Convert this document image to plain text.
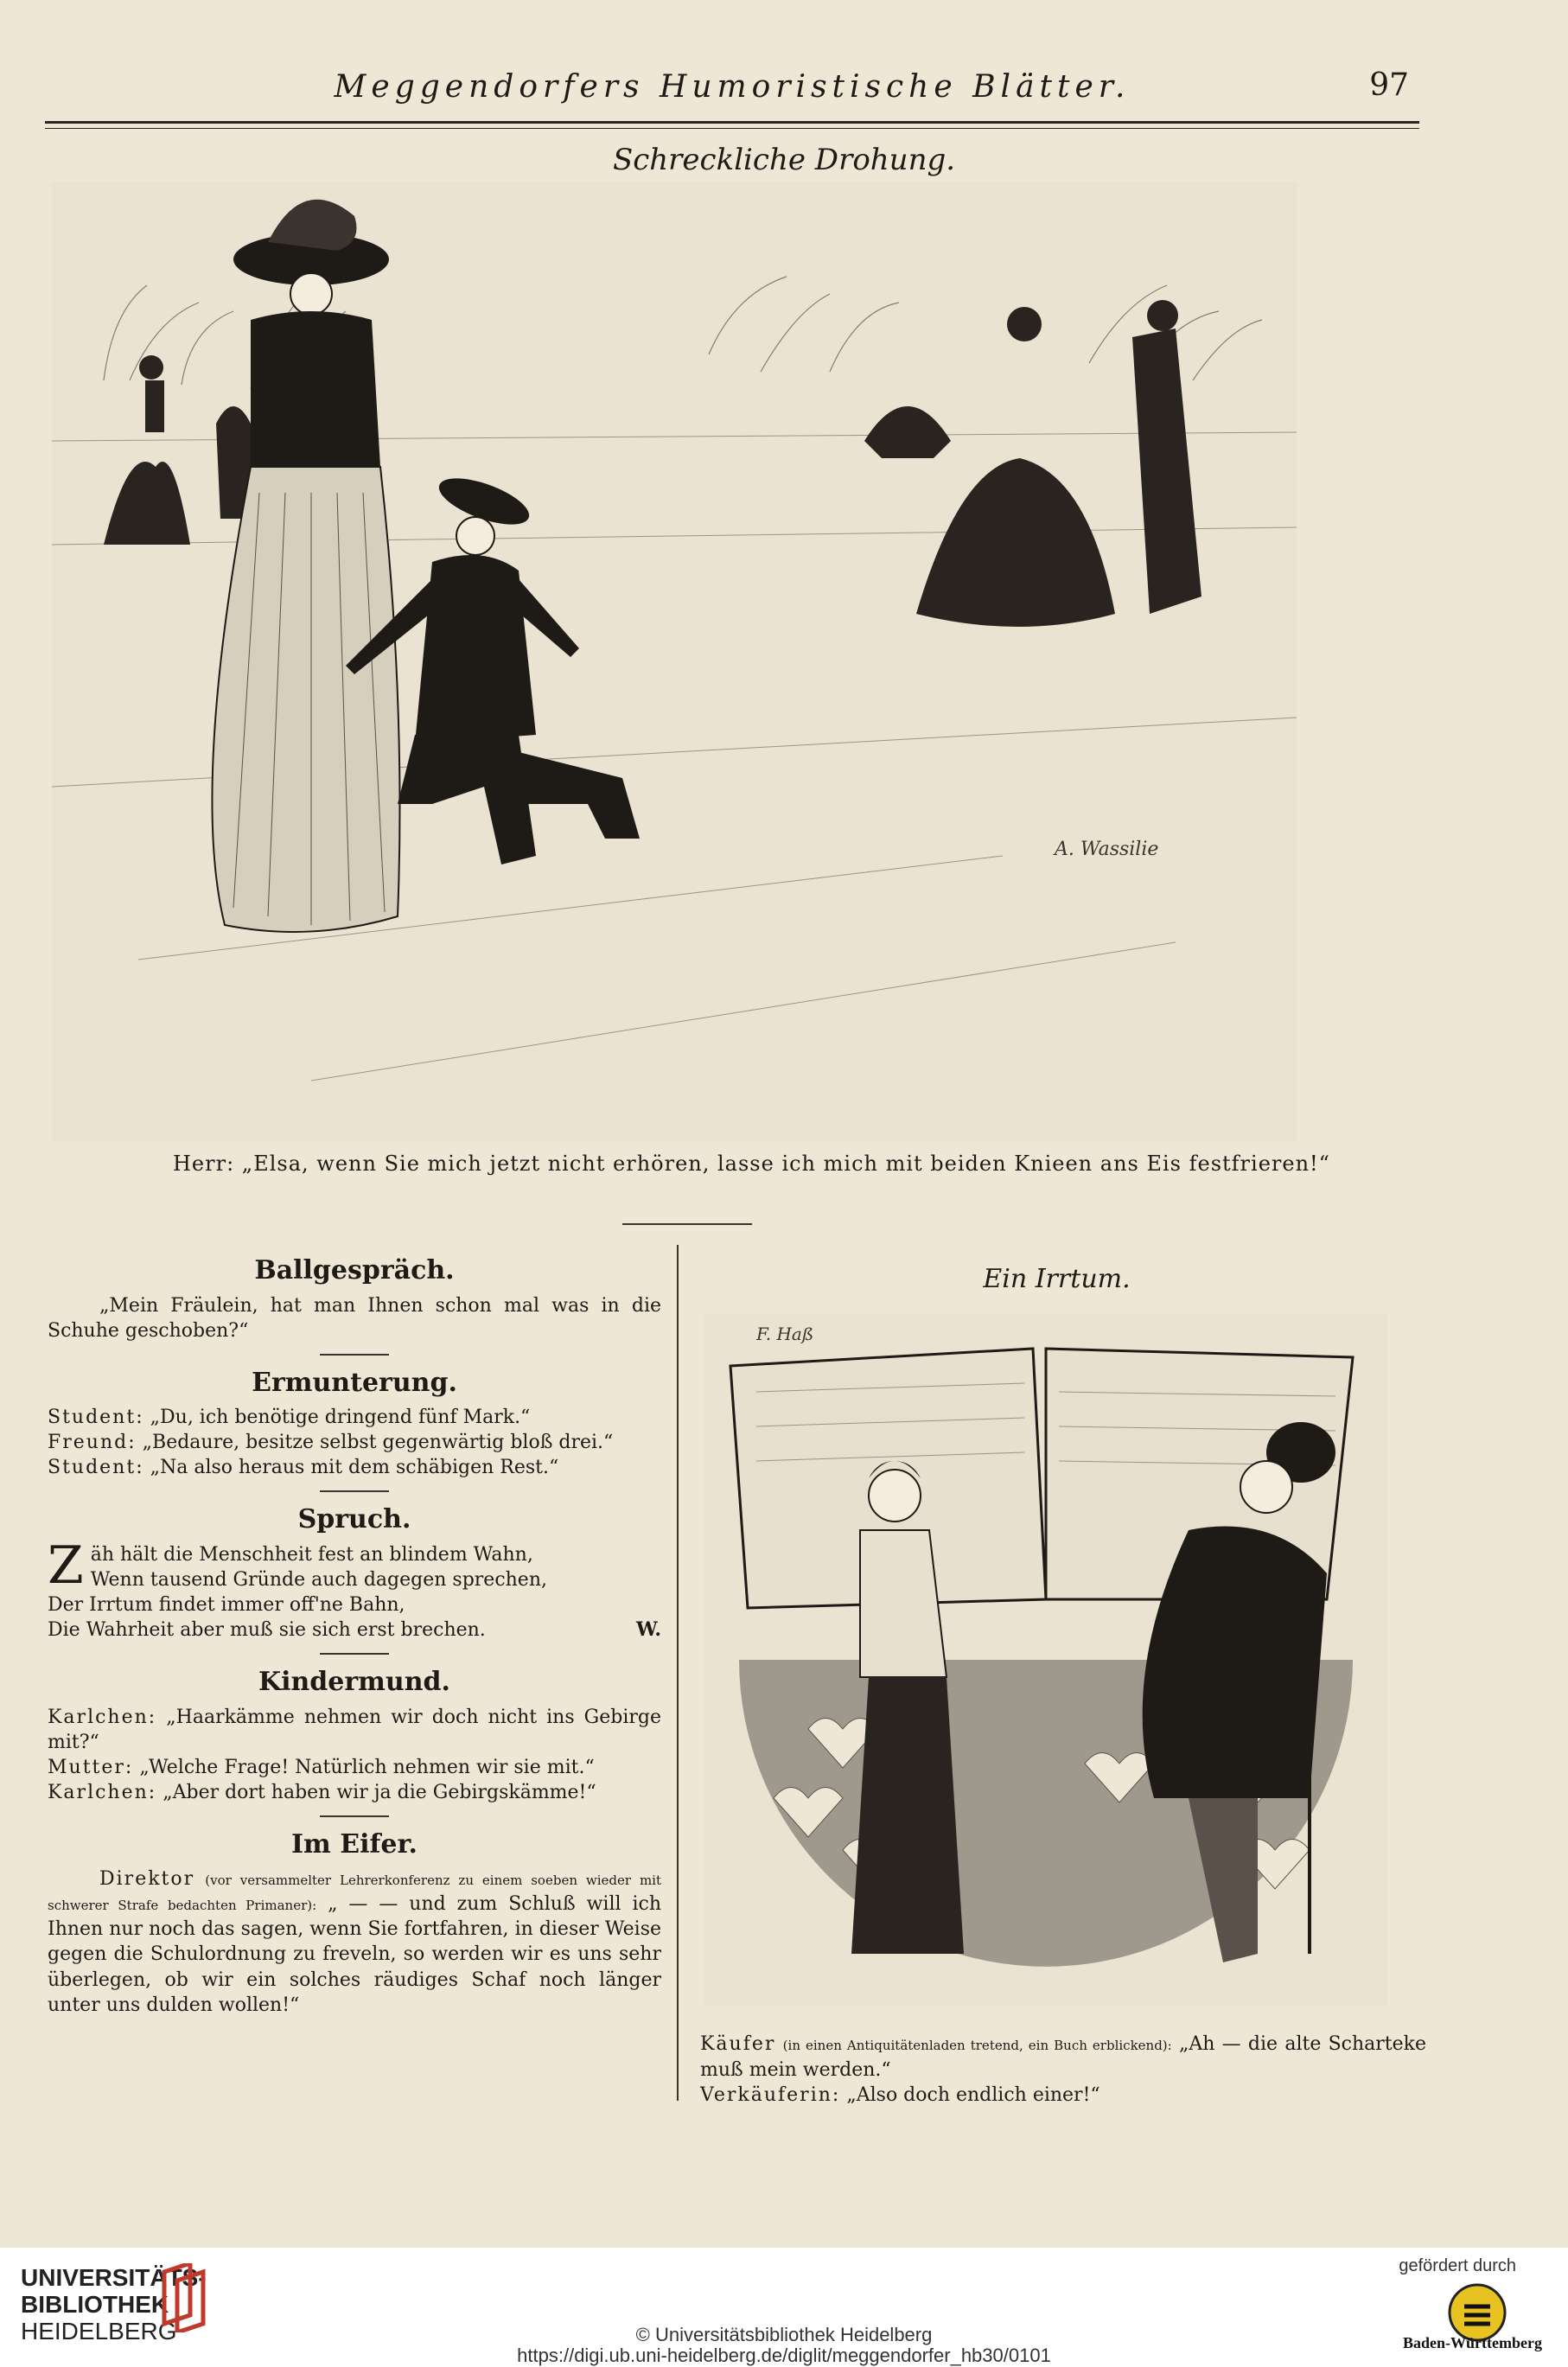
Meggendorfers Humoristische Blätter.	97
Schreckliche Drohung.
A. Wassilie
Herr: „Elsa, wenn Sie mich jetzt nicht erhören, lasse ich mich mit beiden Knieen ans Eis festfrieren!“
Ballgespräch.

„Mein Fräulein, hat man Ihnen schon mal was in die Schuhe geschoben?“

Ermunterung.

Student: „Du, ich benötige dringend fünf Mark.“

Freund: „Bedaure, besitze selbst gegenwärtig bloß drei.“

Student: „Na also heraus mit dem schäbigen Rest.“

Spruch.
Z äh hält die Menschheit fest an blindem Wahn,

Wenn tausend Gründe auch dagegen sprechen,

Der Irrtum findet immer off'ne Bahn,

Die Wahrheit aber muß sie sich erst brechen.	W.

Kindermund.

Karlchen: „Haarkämme nehmen wir doch nicht ins Gebirge mit?“

Mutter: „Welche Frage! Natürlich nehmen wir sie mit.“

Karlchen: „Aber dort haben wir ja die Gebirgskämme!“

Im Eifer.

Direktor (vor versammelter Lehrerkonferenz zu einem soeben wieder mit schwerer Strafe bedachten Primaner): „ — — und zum Schluß will ich Ihnen nur noch das sagen, wenn Sie fortfahren, in dieser Weise gegen die Schulordnung zu freveln, so werden wir es uns sehr überlegen, ob wir ein solches räudiges Schaf noch länger unter uns dulden wollen!“

Ein Irrtum.
F. Haß

Käufer (in einen Antiquitätenladen tretend, ein Buch erblickend): „Ah — die alte Scharteke muß mein werden.“

Verkäuferin: „Also doch endlich einer!“

UNIVERSITÄTS-
BIBLIOTHEK
HEIDELBERG	© Universitätsbibliothek Heidelberg
https://digi.ub.uni-heidelberg.de/diglit/meggendorfer_hb30/0101
gefördert durch
Baden-Württemberg
